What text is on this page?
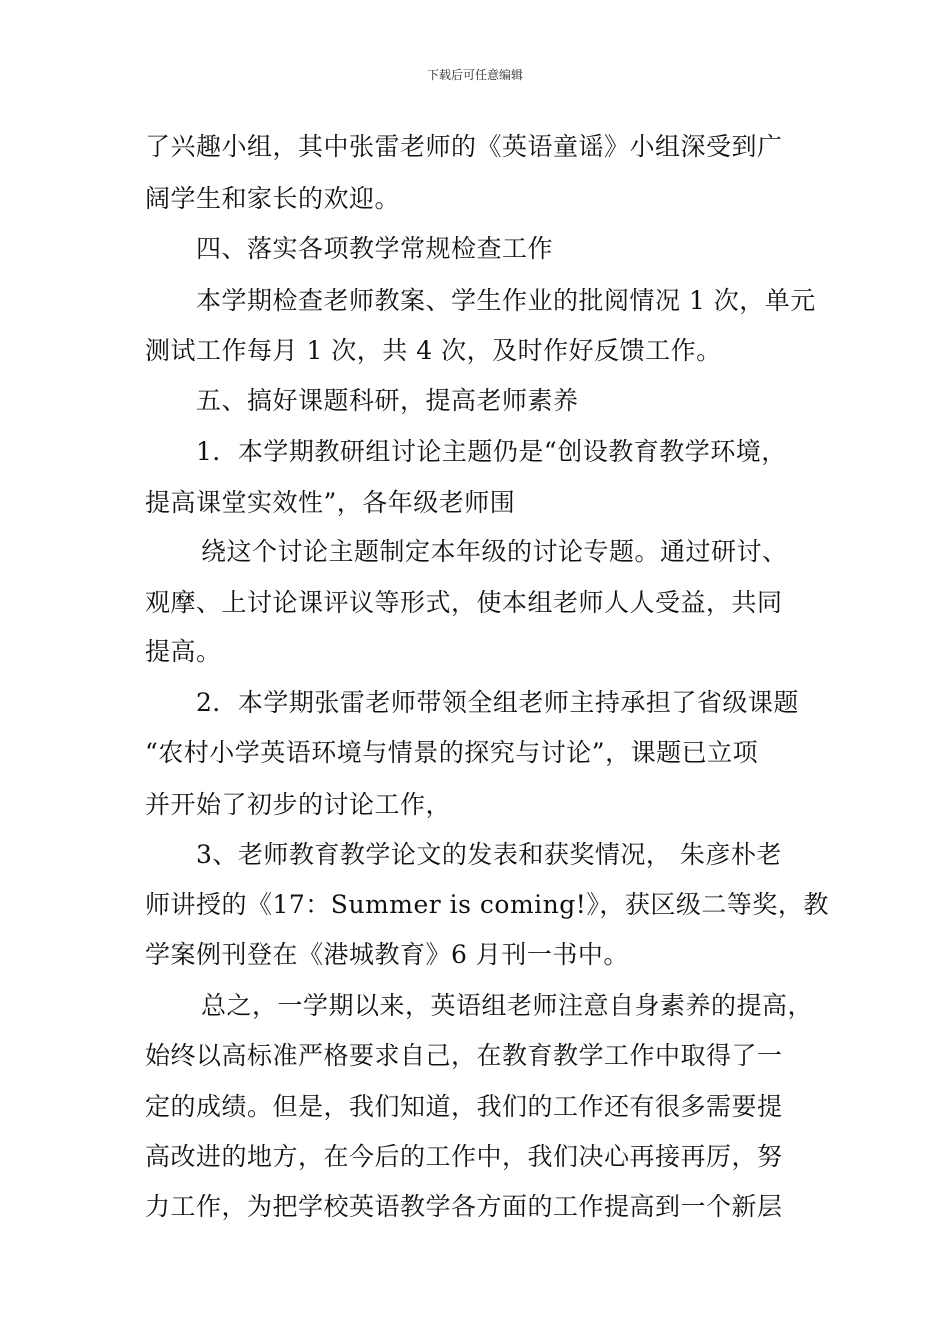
下载后可任意编辑
了兴趣小组，其中张雷老师的《英语童谣》小组深受到广
阔学生和家长的欢迎。
四、落实各项教学常规检查工作
本学期检查老师教案、学生作业的批阅情况 1 次，单元
测试工作每月 1 次，共 4 次，及时作好反馈工作。
五、搞好课题科研，提高老师素养
1．本学期教研组讨论主题仍是“创设教育教学环境，
提高课堂实效性”，各年级老师围
绕这个讨论主题制定本年级的讨论专题。通过研讨、
观摩、上讨论课评议等形式，使本组老师人人受益，共同
提高。
2．本学期张雷老师带领全组老师主持承担了省级课题
“农村小学英语环境与情景的探究与讨论”，课题已立项
并开始了初步的讨论工作，
3、老师教育教学论文的发表和获奖情况， 朱彦朴老
师讲授的《17：Summer is coming!》，获区级二等奖，教
学案例刊登在《港城教育》6 月刊一书中。
总之，一学期以来，英语组老师注意自身素养的提高，
始终以高标准严格要求自己，在教育教学工作中取得了一
定的成绩。但是，我们知道，我们的工作还有很多需要提
高改进的地方，在今后的工作中，我们决心再接再厉，努
力工作，为把学校英语教学各方面的工作提高到一个新层
